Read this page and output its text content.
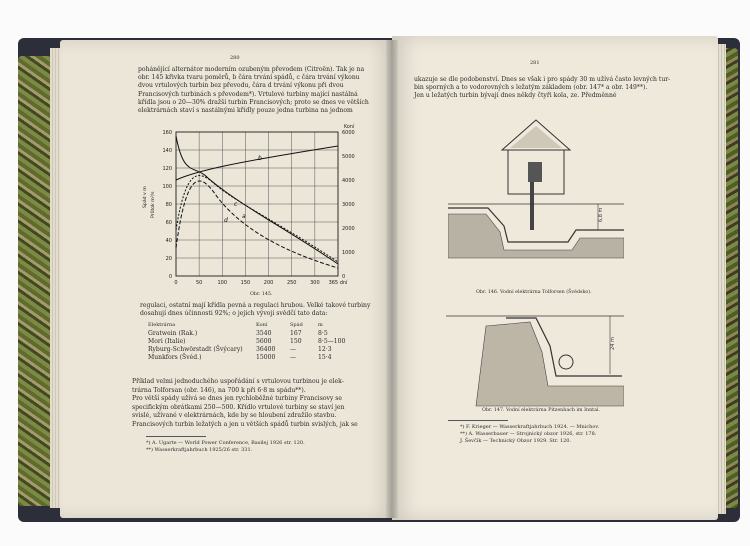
280
pohánějící alternátor moderním ozubeným převodem (Citroën). Tak je na
obr. 145 křivka tvaru poměrů, b čára trvání spádů, c čára trvání výkonu
dvou vrtulových turbin bez převodu, čára d trvání výkonu při dvou
Francisových turbinách s převodem*). Vrtulové turbiny mající nastálná
křídla jsou o 20—30% dražší turbin Francisových; proto se dnes ve větších
elektrárnách staví s nastálnými křídly pouze jedna turbina na jednom
0
20
40
60
80
100
120
140
160
0
1000
2000
3000
4000
5000
6000
0	50	100	150	200	250	300 365 dní
Spád v m Průtok m³/s
Koní
a
b
c
d
Obr. 145.
regulaci, ostatní mají křídla pevná a regulaci hrubou. Velké takové turbiny
dosahují dnes účinnosti 92%; o jejich vývoji svědčí tato data:
Elektrárna	Koní	Spád	m
Gratwein (Rak.)	3540	167	8·5
Mori (Italie)	5600	150	8·5—100
Ryburg-Schwörstadt (Švýcary) 36400 —	12·3
Munkfors (Švéd.)	15000 —	15·4
Příklad velmi jednoduchého uspořádání s vrtulovou turbinou je elek-
trárna Tolforsan (obr. 146), na 700 k při 6·8 m spádu**).
Pro větší spády užívá se dnes jen rychloběžné turbiny Francisovy se
specifickým obrátkami 250—500. Křídlo vrtulové turbiny se staví jen
svislé, užívané v elektrárnách, kde by se hloubení zdražilo stavbu.
Francisových turbin ležatých a jen u větších spádů turbin svislých, jak se
*) A. Ugarte — World Power Conference, Basilej 1926 str. 120.
**) Wasserkraftjahrbuch 1925/26 str. 331.
281
ukazuje se dle podobenství. Dnes se však i pro spády 30 m užívá často levných tur-
bin sporných a to vodorovných s ležatým základem (obr. 147* a obr. 149**).
Jen u ležatých turbin bývají dnes někdy čtyři kola, ze. Předměnné
6,8 m
Obr. 146. Vodní elektrárna Tolforsen (Švédsko).
24 m
Obr. 147. Vodní elektrárna Pitzenbach im Inntal.
*) F. Krieger — Wasserkraftjahrbuch 1924. — Mnichov.
**) A. Wasserbauer — Strojnický obzor 1926, str. 178.
J. Ševčík — Technický Obzor 1929. Str. 120.
